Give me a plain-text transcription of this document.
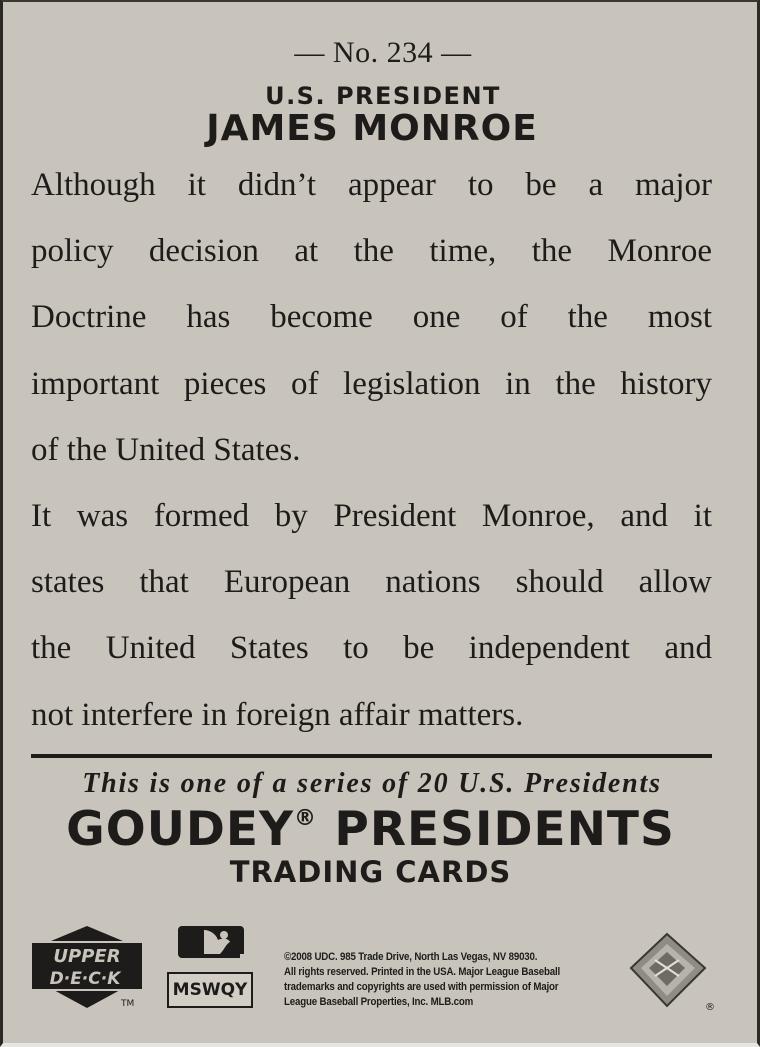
— No. 234 —
U.S. PRESIDENT
JAMES MONROE

Although it didn’t appear to be a major

policy decision at the time, the Monroe

Doctrine has become one of the most

important pieces of legislation in the history

of the United States.

It was formed by President Monroe, and it

states that European nations should allow

the United States to be independent and

not interfere in foreign affair matters.

This is one of a series of 20 U.S. Presidents
GOUDEY® PRESIDENTS
TRADING CARDS
UPPER
D·E·C·K
TM
MSWQY
©2008 UDC. 985 Trade Drive, North Las Vegas, NV 89030.
All rights reserved. Printed in the USA. Major League Baseball
trademarks and copyrights are used with permission of Major
League Baseball Properties, Inc. MLB.com	®
